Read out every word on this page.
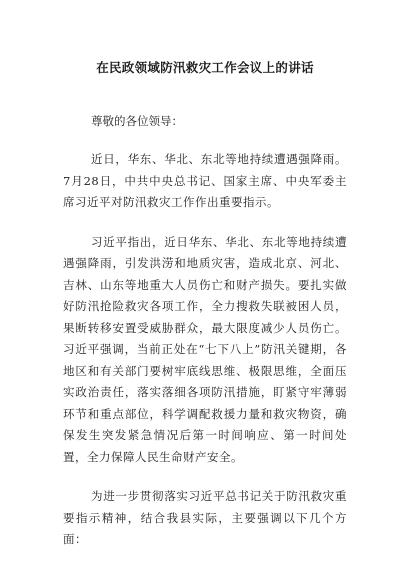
在民政领域防汛救灾工作会议上的讲话

尊敬的各位领导：

近日，华东、华北、东北等地持续遭遇强降雨。7月28日，中共中央总书记、国家主席、中央军委主席习近平对防汛救灾工作作出重要指示。

习近平指出，近日华东、华北、东北等地持续遭遇强降雨，引发洪涝和地质灾害，造成北京、河北、吉林、山东等地重大人员伤亡和财产损失。要扎实做好防汛抢险救灾各项工作，全力搜救失联被困人员，果断转移安置受威胁群众，最大限度减少人员伤亡。习近平强调，当前正处在“七下八上”防汛关键期，各地区和有关部门要树牢底线思维、极限思维，全面压实政治责任，落实落细各项防汛措施，盯紧守牢薄弱环节和重点部位，科学调配救援力量和救灾物资，确保发生突发紧急情况后第一时间响应、第一时间处置，全力保障人民生命财产安全。

为进一步贯彻落实习近平总书记关于防汛救灾重要指示精神，结合我县实际，主要强调以下几个方面：
